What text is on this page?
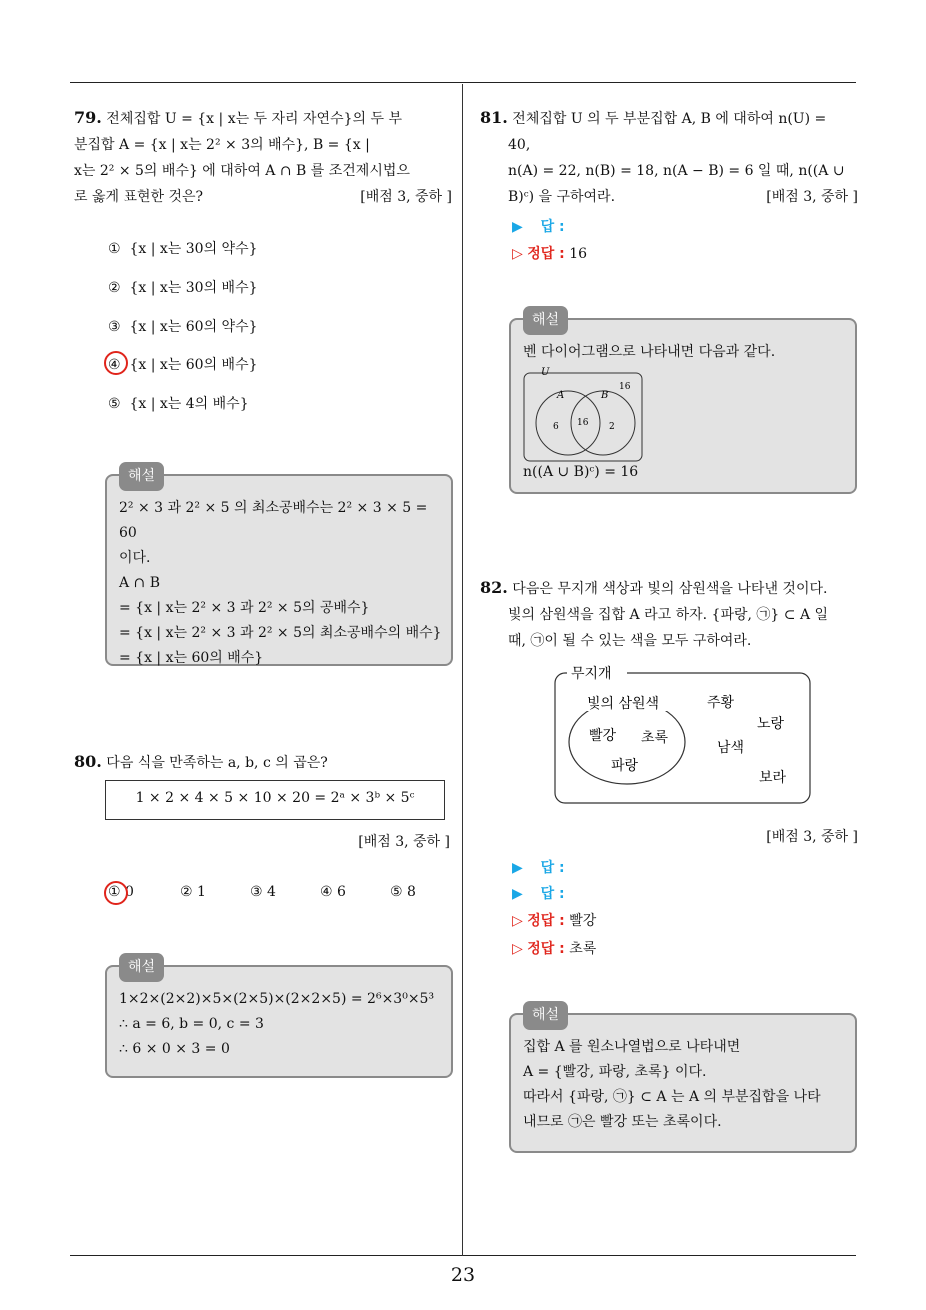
79. 전체집합 U = {x | x는 두 자리 자연수}의 두 부
분집합 A = {x | x는 2² × 3의 배수}, B = {x |
x는 2² × 5의 배수} 에 대하여 A ∩ B 를 조건제시법으
로 옳게 표현한 것은?	[배점 3, 중하 ]
① {x | x는 30의 약수}
② {x | x는 30의 배수}
③ {x | x는 60의 약수}
④ {x | x는 60의 배수}
⑤ {x | x는 4의 배수}
해설
2² × 3 과 2² × 5 의 최소공배수는 2² × 3 × 5 = 60
이다.
A ∩ B
= {x | x는 2² × 3 과 2² × 5의 공배수}
= {x | x는 2² × 3 과 2² × 5의 최소공배수의 배수}
= {x | x는 60의 배수}
80. 다음 식을 만족하는 a, b, c 의 곱은?
1 × 2 × 4 × 5 × 10 × 20 = 2ᵃ × 3ᵇ × 5ᶜ
[배점 3, 중하 ]
① 0	② 1	③ 4	④ 6	⑤ 8
해설
1×2×(2×2)×5×(2×5)×(2×2×5) = 2⁶×3⁰×5³
∴ a = 6, b = 0, c = 3
∴ 6 × 0 × 3 = 0
81. 전체집합 U 의 두 부분집합 A, B 에 대하여 n(U) =
40,
n(A) = 22, n(B) = 18, n(A − B) = 6 일 때, n((A ∪
B)ᶜ) 을 구하여라.	[배점 3, 중하 ]
▶ 답 :
▷ 정답 : 16
해설
벤 다이어그램으로 나타내면 다음과 같다.
U
A	B
16
6 16 2
n((A ∪ B)ᶜ) = 16
82. 다음은 무지개 색상과 빛의 삼원색을 나타낸 것이다.
빛의 삼원색을 집합 A 라고 하자. {파랑, ㉠} ⊂ A 일
때, ㉠이 될 수 있는 색을 모두 구하여라.
무지개
빛의 삼원색
빨강 초록
파랑
주황
노랑
남색
보라
[배점 3, 중하 ]
▶ 답 :
▶ 답 :
▷ 정답 : 빨강
▷ 정답 : 초록
해설
집합 A 를 원소나열법으로 나타내면
A = {빨강, 파랑, 초록} 이다.
따라서 {파랑, ㉠} ⊂ A 는 A 의 부분집합을 나타
내므로 ㉠은 빨강 또는 초록이다.
23
